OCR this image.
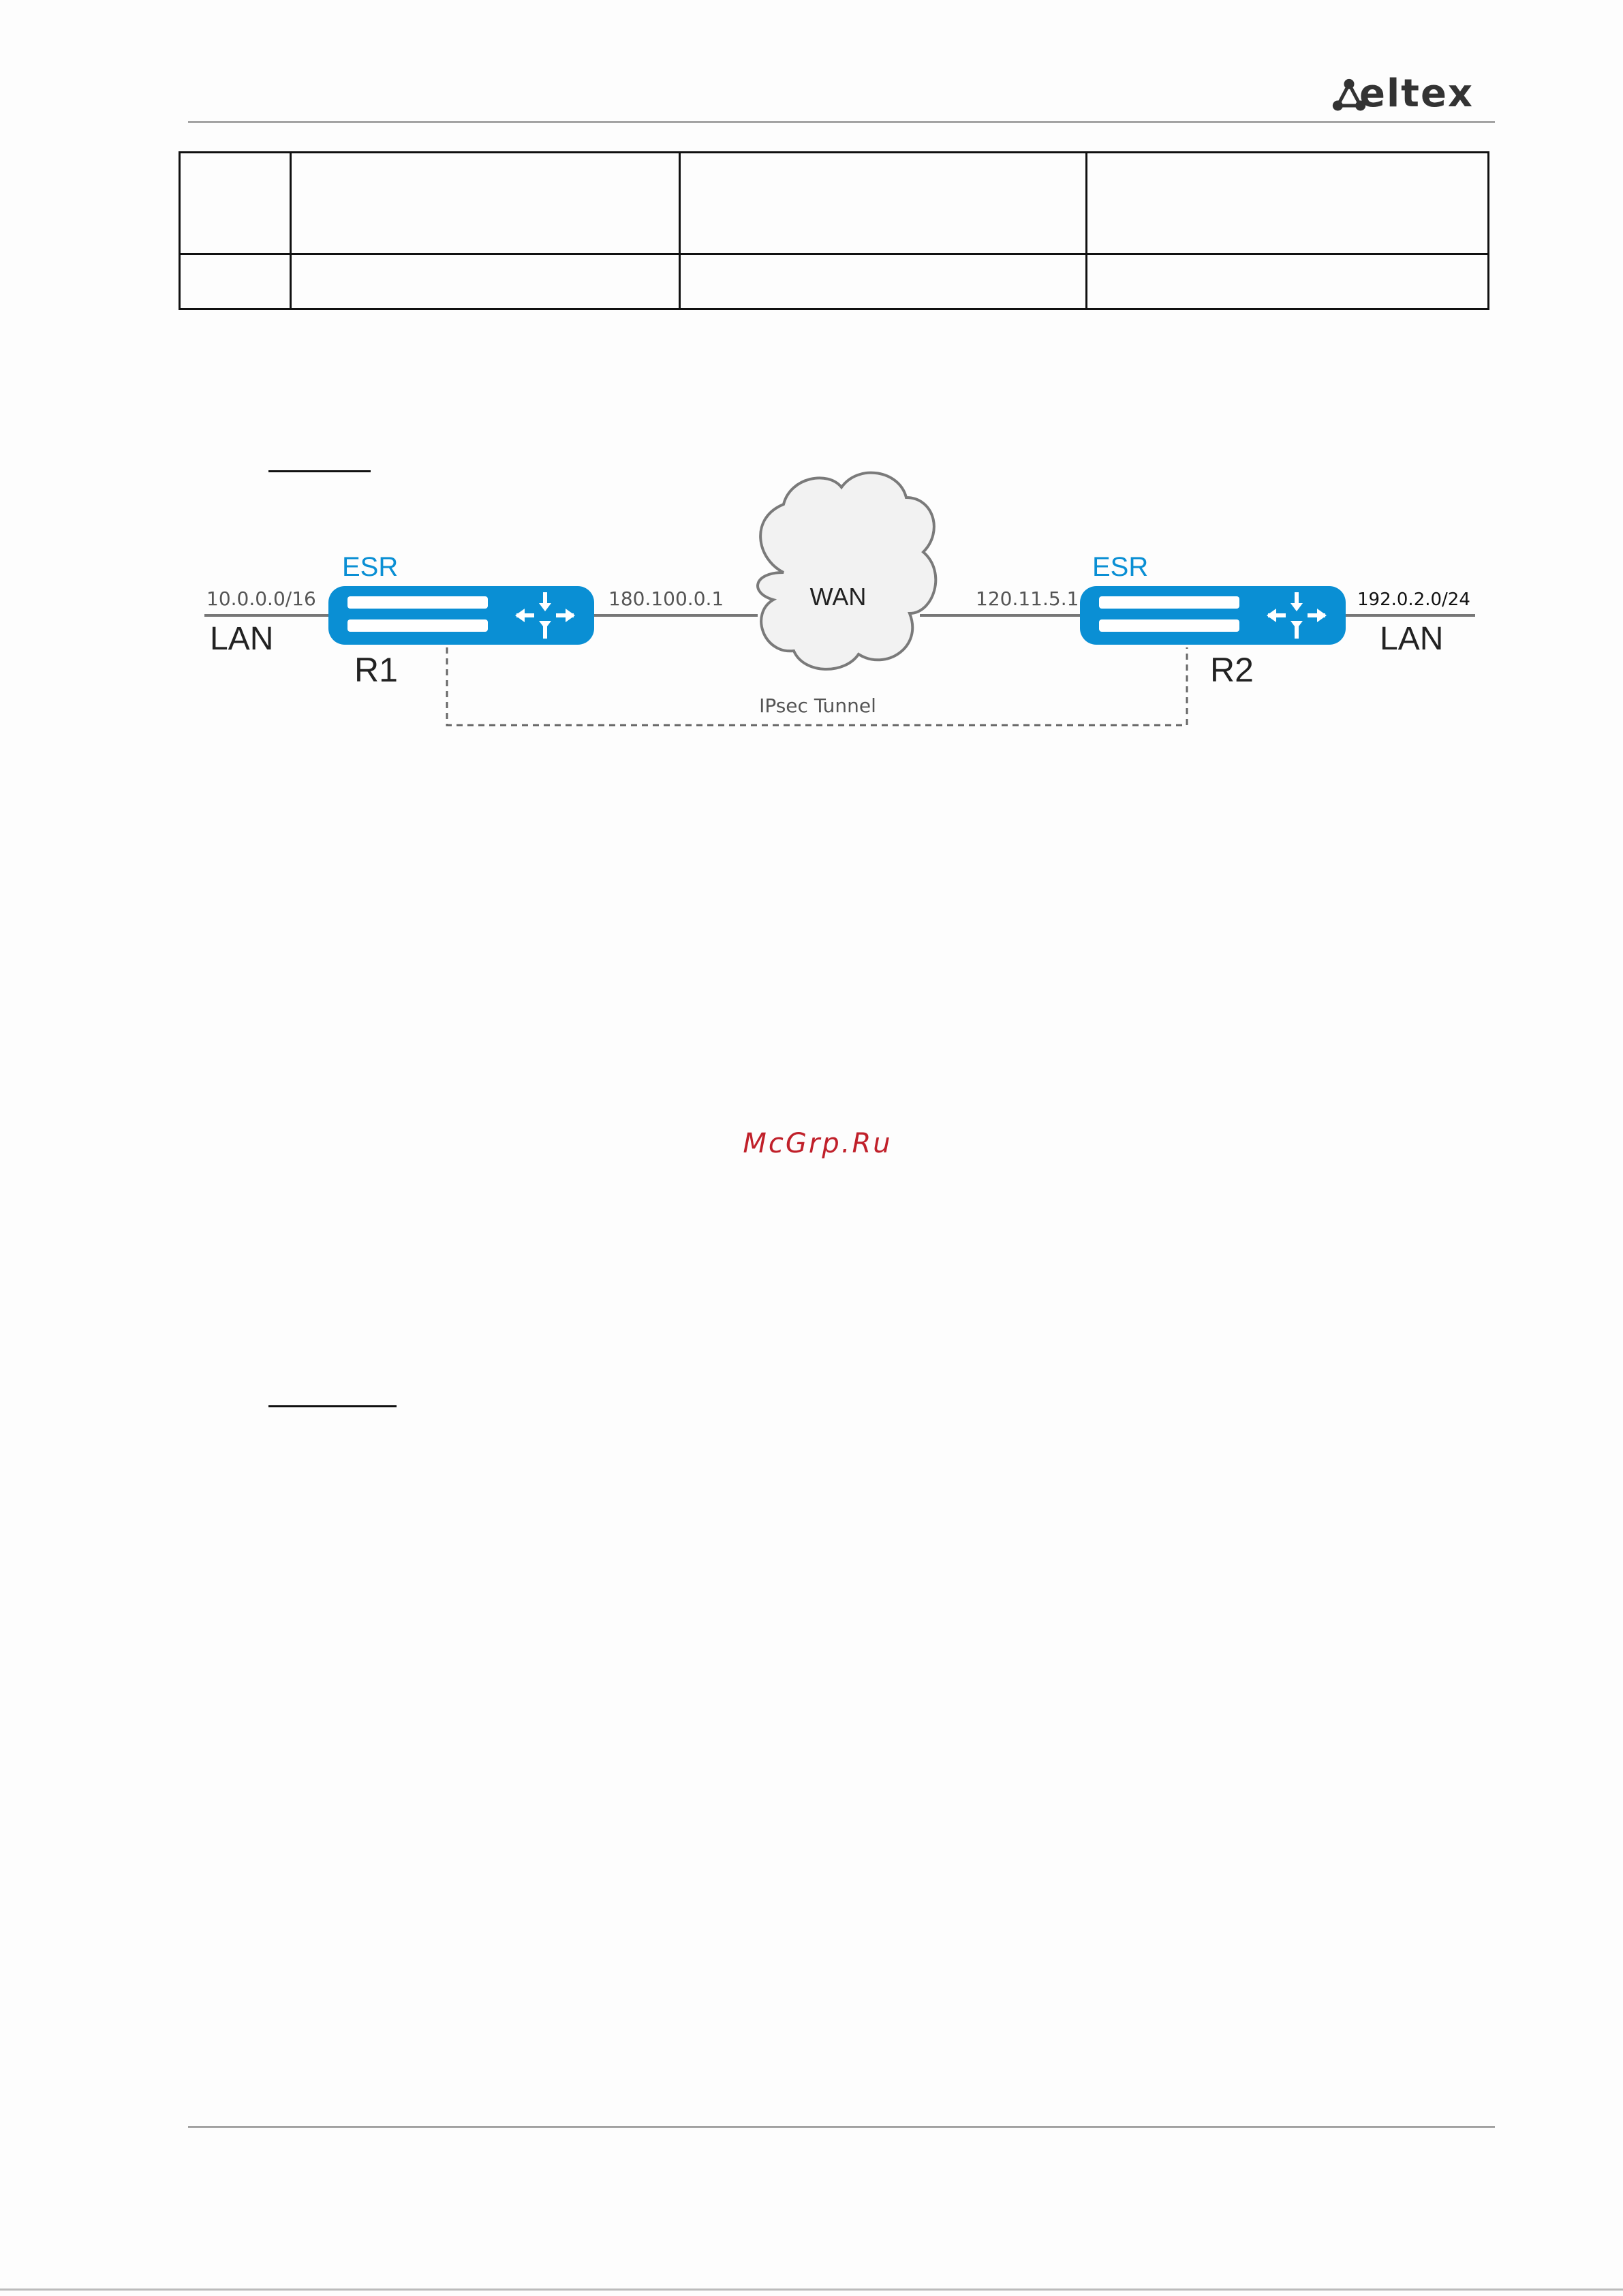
eltex

ESR	ESR
10.0.0.0/16
LAN
R1
180.100.0.1	WAN	120.11.5.1	192.0.2.0/24
LAN
R2
IPsec Tunnel
McGrp.Ru
